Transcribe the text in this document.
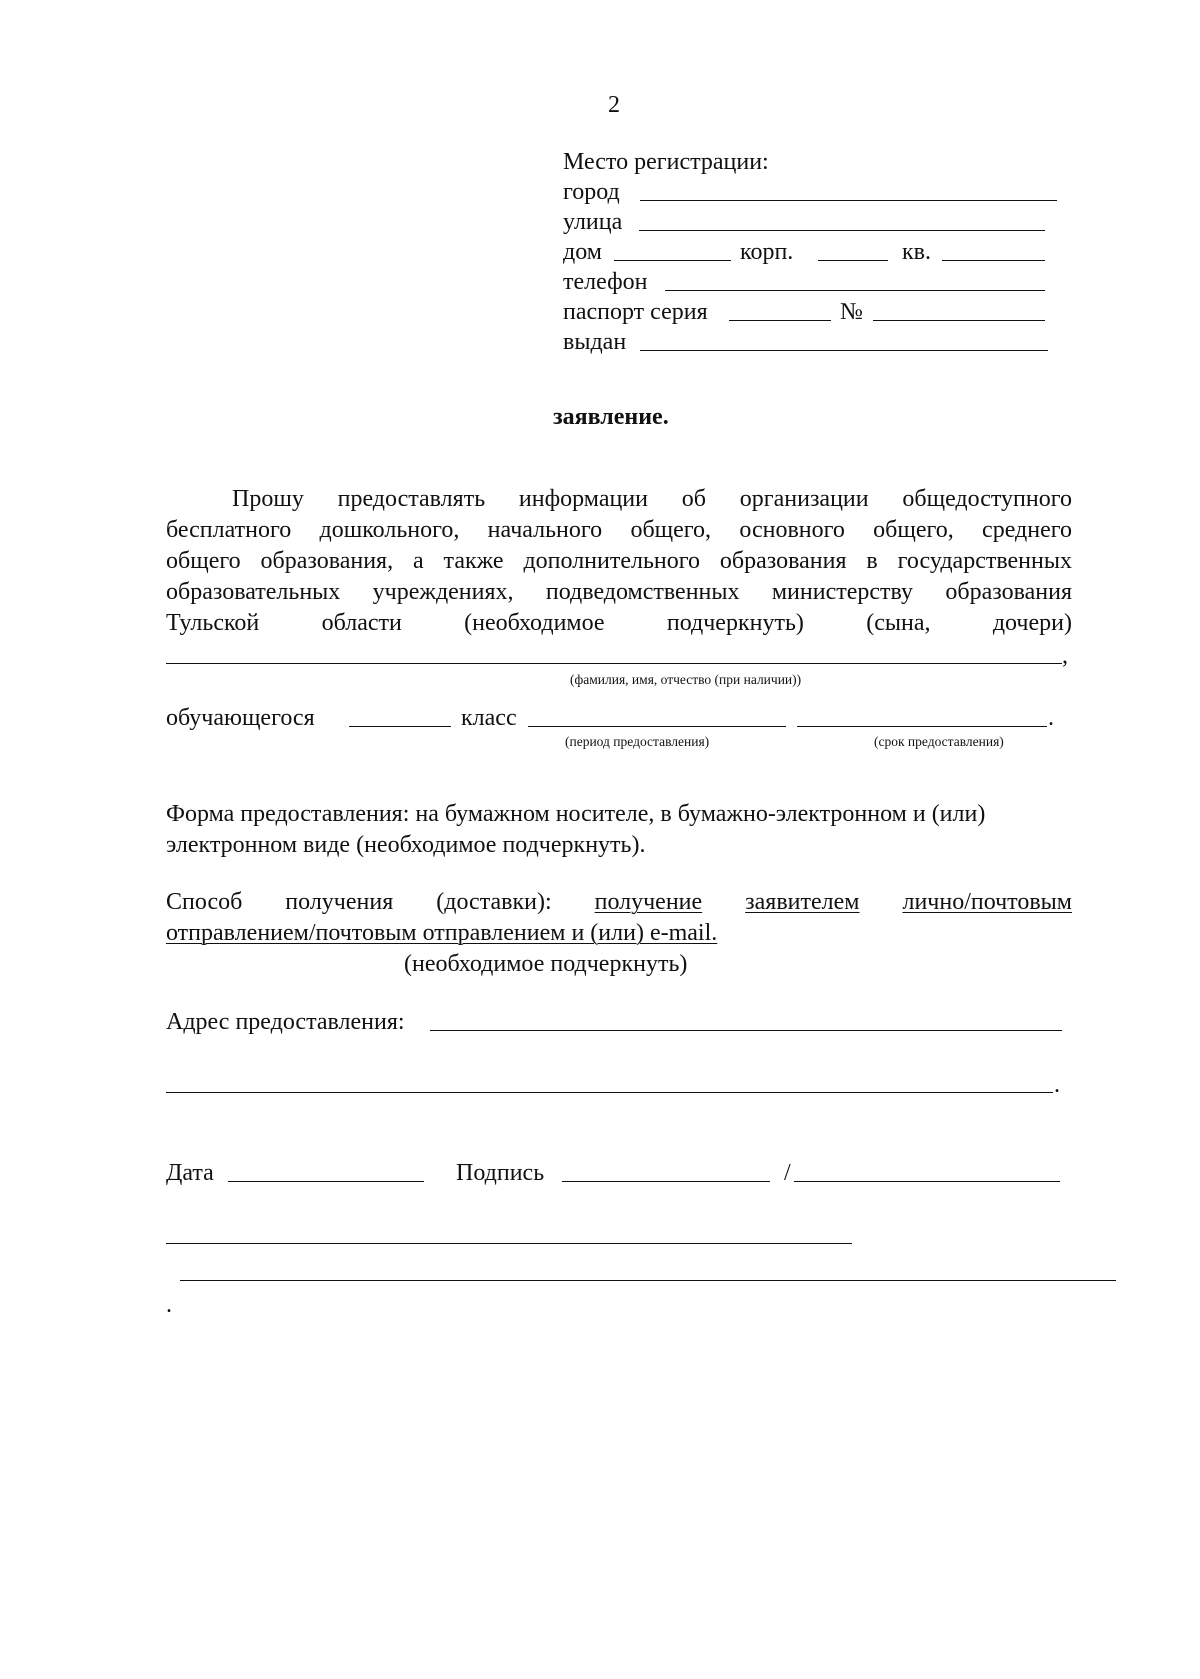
2
Место регистрации:
город
улица
дом	корп.	кв.
телефон
паспорт серия	№
выдан
заявление.
Прошу предоставлять информации об организации общедоступного
бесплатного дошкольного, начального общего, основного общего, среднего
общего образования, а также дополнительного образования в государственных
образовательных учреждениях, подведомственных министерству образования
Тульской	области	(необходимое	подчеркнуть)	(сына,	дочери)
,
(фамилия, имя, отчество (при наличии))
обучающегося	класс	.
(период предоставления)	(срок предоставления)
Форма предоставления: на бумажном носителе, в бумажно-электронном и (или)
электронном виде (необходимое подчеркнуть).
Способ получения (доставки): получение заявителем лично/почтовым
отправлением/почтовым отправлением и (или) e-mail.
(необходимое подчеркнуть)
Адрес предоставления:
.
Дата	Подпись	/
.
